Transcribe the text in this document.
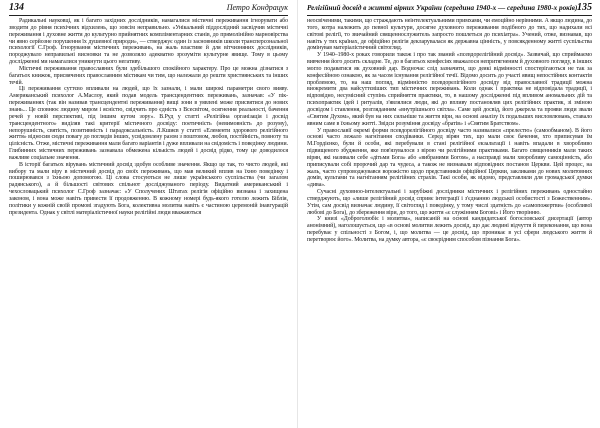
134	Петро Кондрацук

Радикальні науковці, як і багато західних дослідників, намагалися містичні переживання ігнорувати або зводити до рівня психічних відхилень, що зовсім неправильно. «Унікальний піддослідний засвідчив містичні переживання і духовне життя до культурно прийнятних компліментарних станів, до прямолінійно марновірства чи явно серйозне порушення їх душевної природи», — стверджує один із засновників школи трансперсональної психології С.Гроф. Ігнорування містичних переживань, на жаль властиве й для вітчизняних дослідників, породжувало неправильні висновки та не дозволяло адекватно зрозуміти культурне явище. Тому в цьому дослідженні ми намагалися уникнути цього негативу.

Містичні переживання православних були здебільшого спокійного характеру. Про це можна дізнатися з багатьох книжок, присвячених православним містикам чи тим, що належали до решти християнських та інших течій.

Ці переживання суттєво впливали на людей, що їх зазнали, і мали широкі параметри свого вияву. Американський психолог А.Маслоу, який подав модель трансцендентних переживань, зазначав: «У пік-переживаннях (так він називав трансцендентні переживання) вищі зони в уявлені може присвятися до нових знань... Це сповнює людину миром і ясністю, свідчить про єдність з Всесвітом, осягнення реальності, бачення речей у новій перспективі, під іншим кутом зору». В.Руд у статті «Релігійна організація і досвід трансцендентного» виділяв такі критерії містичного досвіду: поетичність (невимовність до розуму), непорушність, святість, позитивність і парадоксальність. Л.Кшиєв у статті «Елементи здорового релігійного життя» відносив сюди повагу до поглядів інших, усвідомлену разом з поштовом, любов, постійність, повноту та цілісність. Отже, містичні переживання мали багато варіантів і дуже впливали на свідомість і поведінку людини. Глибинних містичних переживань зазнавала обмежена кількість людей і досвід рідко, тому це доводилося важливе соціальне значення.

В історії багатьох вірувань містичний досвід здобув особливе значення. Якщо це так, то чисто людей, які вибору та мали віру в містичний досвід до своїх переживань, що мав великий вплив на їхню поведінку і поширювався з їхньою допомогою. Ці слова стосуються не лише українського суспільства (чи загалом радянського), а й більшості світових спільнот досліджуваного періоду. Видатний американський і чехословацький психолог С.Гроф зазначає: «У Сполучених Штатах релігія офіційно визнана і захищена законом, і вона може навіть привести її продовженню. В кожному номері будь-якого готелю лежить Біблія, політики у кожній своїй промові згадують Бога, колективна молитва навіть є частиною церемоній інавгурацій президента. Однак у світлі матеріалістичної науки релігійні люди вважаються

Релігійний досвід в житті вірних України (середина 1940-х — середина 1980-х років) 135

неосвіченими, такими, що страждають неінтелектуальними примхами, чи емоційно нерівними. А якщо людина, до того, котра належить до певної культури, досягне духовного переживання подібного до тих, що надихали всі світові релігії, то звичайний священнослужитель запросто пошлеться до психіатра». Учений, отже, визнавав, що навіть у тих країнах, де офіційно релігія декларувалася як державна цінність, у повсякденному житті суспільства домінував матеріалістичний світогляд.

У 1940–1980-х роках говорили також і про так званий «псевдорелігійний досвід». Зазвичай, що сприймаємо вивчення його досить складне. Те, до в багатьох конфесіях вважалося непритягненим й духовного погляду, в інших могло подаватися як духовний дар. Водночас слід зазначити, що деякі відмінності спостерігаються не так за конфесійною ознакою, як за часом існування релігійної течії. Відомо досить до участі явищ непостійних контактів проблемою, то, на наш погляд, відмінністю псевдорелігійного досвіду від православної традиції можна виокремити два найсуттєвіших тип містичних переживань. Коли однак і практика не відповідала традиції, і відповідно, несумісний ступінь сприйняття практики, то, в нашому дослідженні під впливом аномальних дій та психопрактик ідей і ритуалів, з'являлися люди, які до впливу постановляв цих релігійних практик, зі зміною досвідом і ставлення, розгляданням «внутрішнього світла». Саме цей досвід, його джерела та прояви люди звали «Святим Духом», який був на них сильніше та життя віри, на основі аналізу їх подальших висловлювань, ставало явним саме в їхньому житті. Звідси розуміння досвіду «братів» і «Святим Братством».

У православії окремі форми псевдорелігійного досвіду часто називалися «прелестю» (самообманом). В його основі часто лежало нагнітання сподіванки. Серед вірян тих, що мали своє бачення, хто приписував їм М.Гордієнко, були й особи, які перебували в стані релігійної екзальтації і навіть впадали в хворобливо підвищеного збудження, яке пов'язувалося з вірою чи релігійними практиками. Багато священників мали таких вірян, які називали себе «дітьми Бога» або «вибраними Богом», а насправді мали хворобливу самоцінність, або приписували собі пророчий дар та чудеса, а також не визнавали відповідних постанов Церкви. Цей процес, на жаль, часто супроводжувався ворожістю щодо представників офіційної Церкви, закликами до нових молитовних домів, культами та нагнітанням релігійних страхів. Такі особи, як відомо, представляли для громадської думки «дива».

Сучасні духовноо-інтелектуальні і зарубіжні дослідники містичних і релігійних переживань одностайно стверджують, що «лише релігійний досвід сприяє інтеграції і з'єднанню людської особистості з Божественним». Утім, сам досвід визначає людину, її світогляд і поведінку, у тому числі здатність до «самопожертви» (особливої любові до Бога), до збереження віри, до того, що життя «є служінням Богові» і Його творінню.

У книзі «Доброголюбіє і молитва», написаній на основі кандидатської богословської дисертації (автор анонімний), наголошується, що «в основі молитви лежить досвід, що дає людині відчуття й переконання, що вона перебуває у спільності з Богом, і, що молитва — це досвід, що проникає в усі сфери людського життя й перетворює його». Молитва, на думку автора, «є своєрідним способом пізнання Бога».
